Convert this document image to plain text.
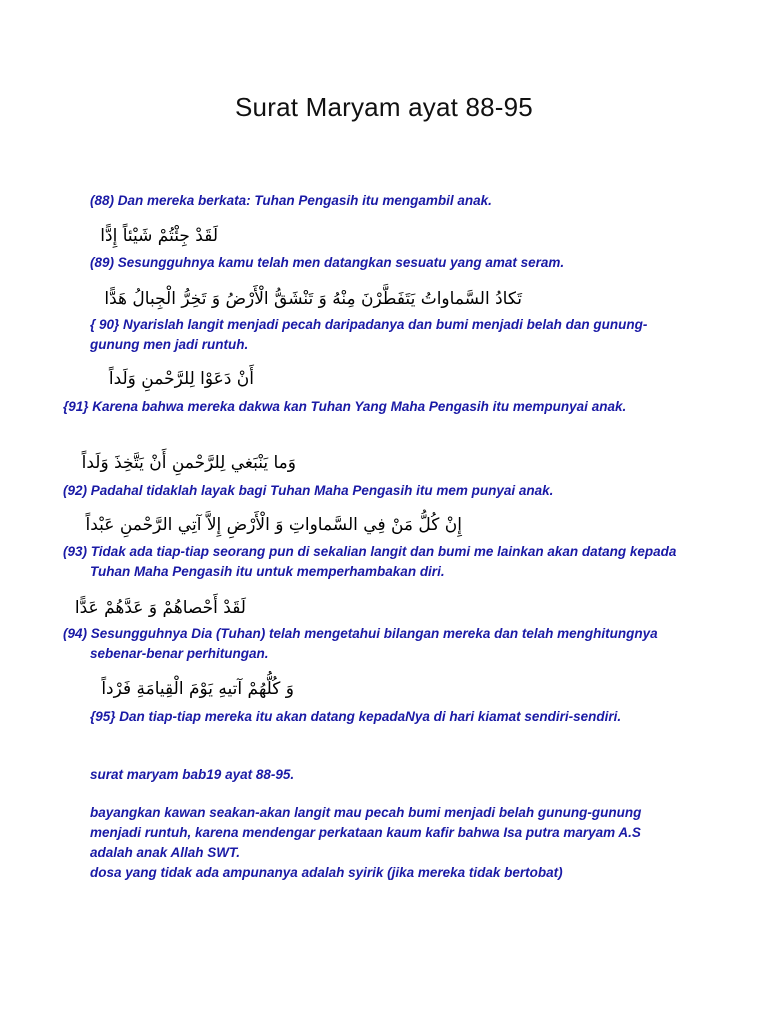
Surat Maryam ayat 88-95
(88) Dan mereka berkata: Tuhan Pengasih itu mengambil anak.
لَقَدْ جِئْتُمْ شَيْئاً إِدًّا
(89) Sesungguhnya kamu telah men datangkan sesuatu yang amat seram.
تَكادُ السَّماواتُ يَتَفَطَّرْنَ مِنْهُ وَ تَنْشَقُّ الْأَرْضُ وَ تَخِرُّ الْجِبالُ هَدًّا
{ 90} Nyarislah langit menjadi pecah daripadanya dan bumi menjadi belah dan gunung-gunung men jadi runtuh.
أَنْ دَعَوْا لِلرَّحْمنِ وَلَداً
{91} Karena bahwa mereka dakwa kan Tuhan Yang Maha Pengasih itu mempunyai anak.
وَما يَنْبَغي لِلرَّحْمنِ أَنْ يَتَّخِذَ وَلَداً
(92) Padahal tidaklah layak bagi Tuhan Maha Pengasih itu mem punyai anak.
إِنْ كُلُّ مَنْ فِي السَّماواتِ وَ الْأَرْضِ إِلاَّ آتِي الرَّحْمنِ عَبْداً
(93) Tidak ada tiap-tiap seorang pun di sekalian langit dan bumi me lainkan akan datang kepada Tuhan Maha Pengasih itu untuk memperhambakan diri.
لَقَدْ أَحْصاهُمْ وَ عَدَّهُمْ عَدًّا
(94) Sesungguhnya Dia (Tuhan) telah mengetahui bilangan mereka dan telah menghitungnya sebenar-benar perhitungan.
وَ كُلُّهُمْ آتيهِ يَوْمَ الْقِيامَةِ فَرْداً
{95} Dan tiap-tiap mereka itu akan datang kepadaNya di hari kiamat sendiri-sendiri.
surat maryam bab19 ayat 88-95.
bayangkan kawan seakan-akan langit mau pecah bumi menjadi belah gunung-gunung
menjadi runtuh, karena mendengar perkataan kaum kafir bahwa Isa putra maryam A.S
adalah anak Allah SWT.
dosa yang tidak ada ampunanya adalah syirik (jika mereka tidak bertobat)
